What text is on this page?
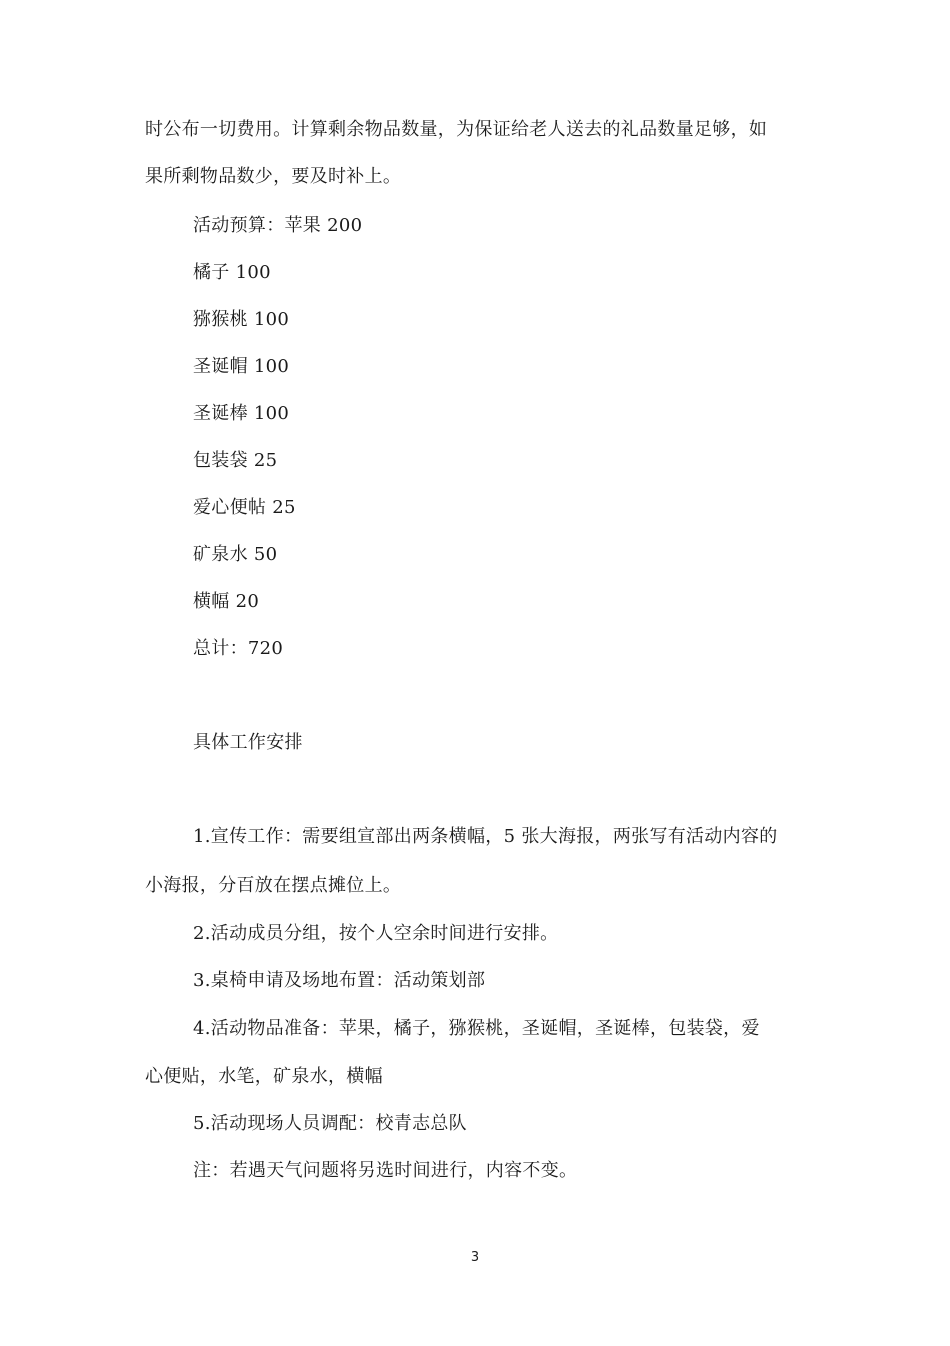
时公布一切费用。计算剩余物品数量，为保证给老人送去的礼品数量足够，如
果所剩物品数少，要及时补上。
活动预算：苹果 200
橘子 100
猕猴桃 100
圣诞帽 100
圣诞棒 100
包装袋 25
爱心便帖 25
矿泉水 50
横幅 20
总计：720
具体工作安排
1.宣传工作：需要组宣部出两条横幅，5 张大海报，两张写有活动内容的
小海报，分百放在摆点摊位上。
2.活动成员分组，按个人空余时间进行安排。
3.桌椅申请及场地布置：活动策划部
4.活动物品准备：苹果，橘子，猕猴桃，圣诞帽，圣诞棒，包装袋，爱
心便贴，水笔，矿泉水，横幅
5.活动现场人员调配：校青志总队
注：若遇天气问题将另选时间进行，内容不变。
3
